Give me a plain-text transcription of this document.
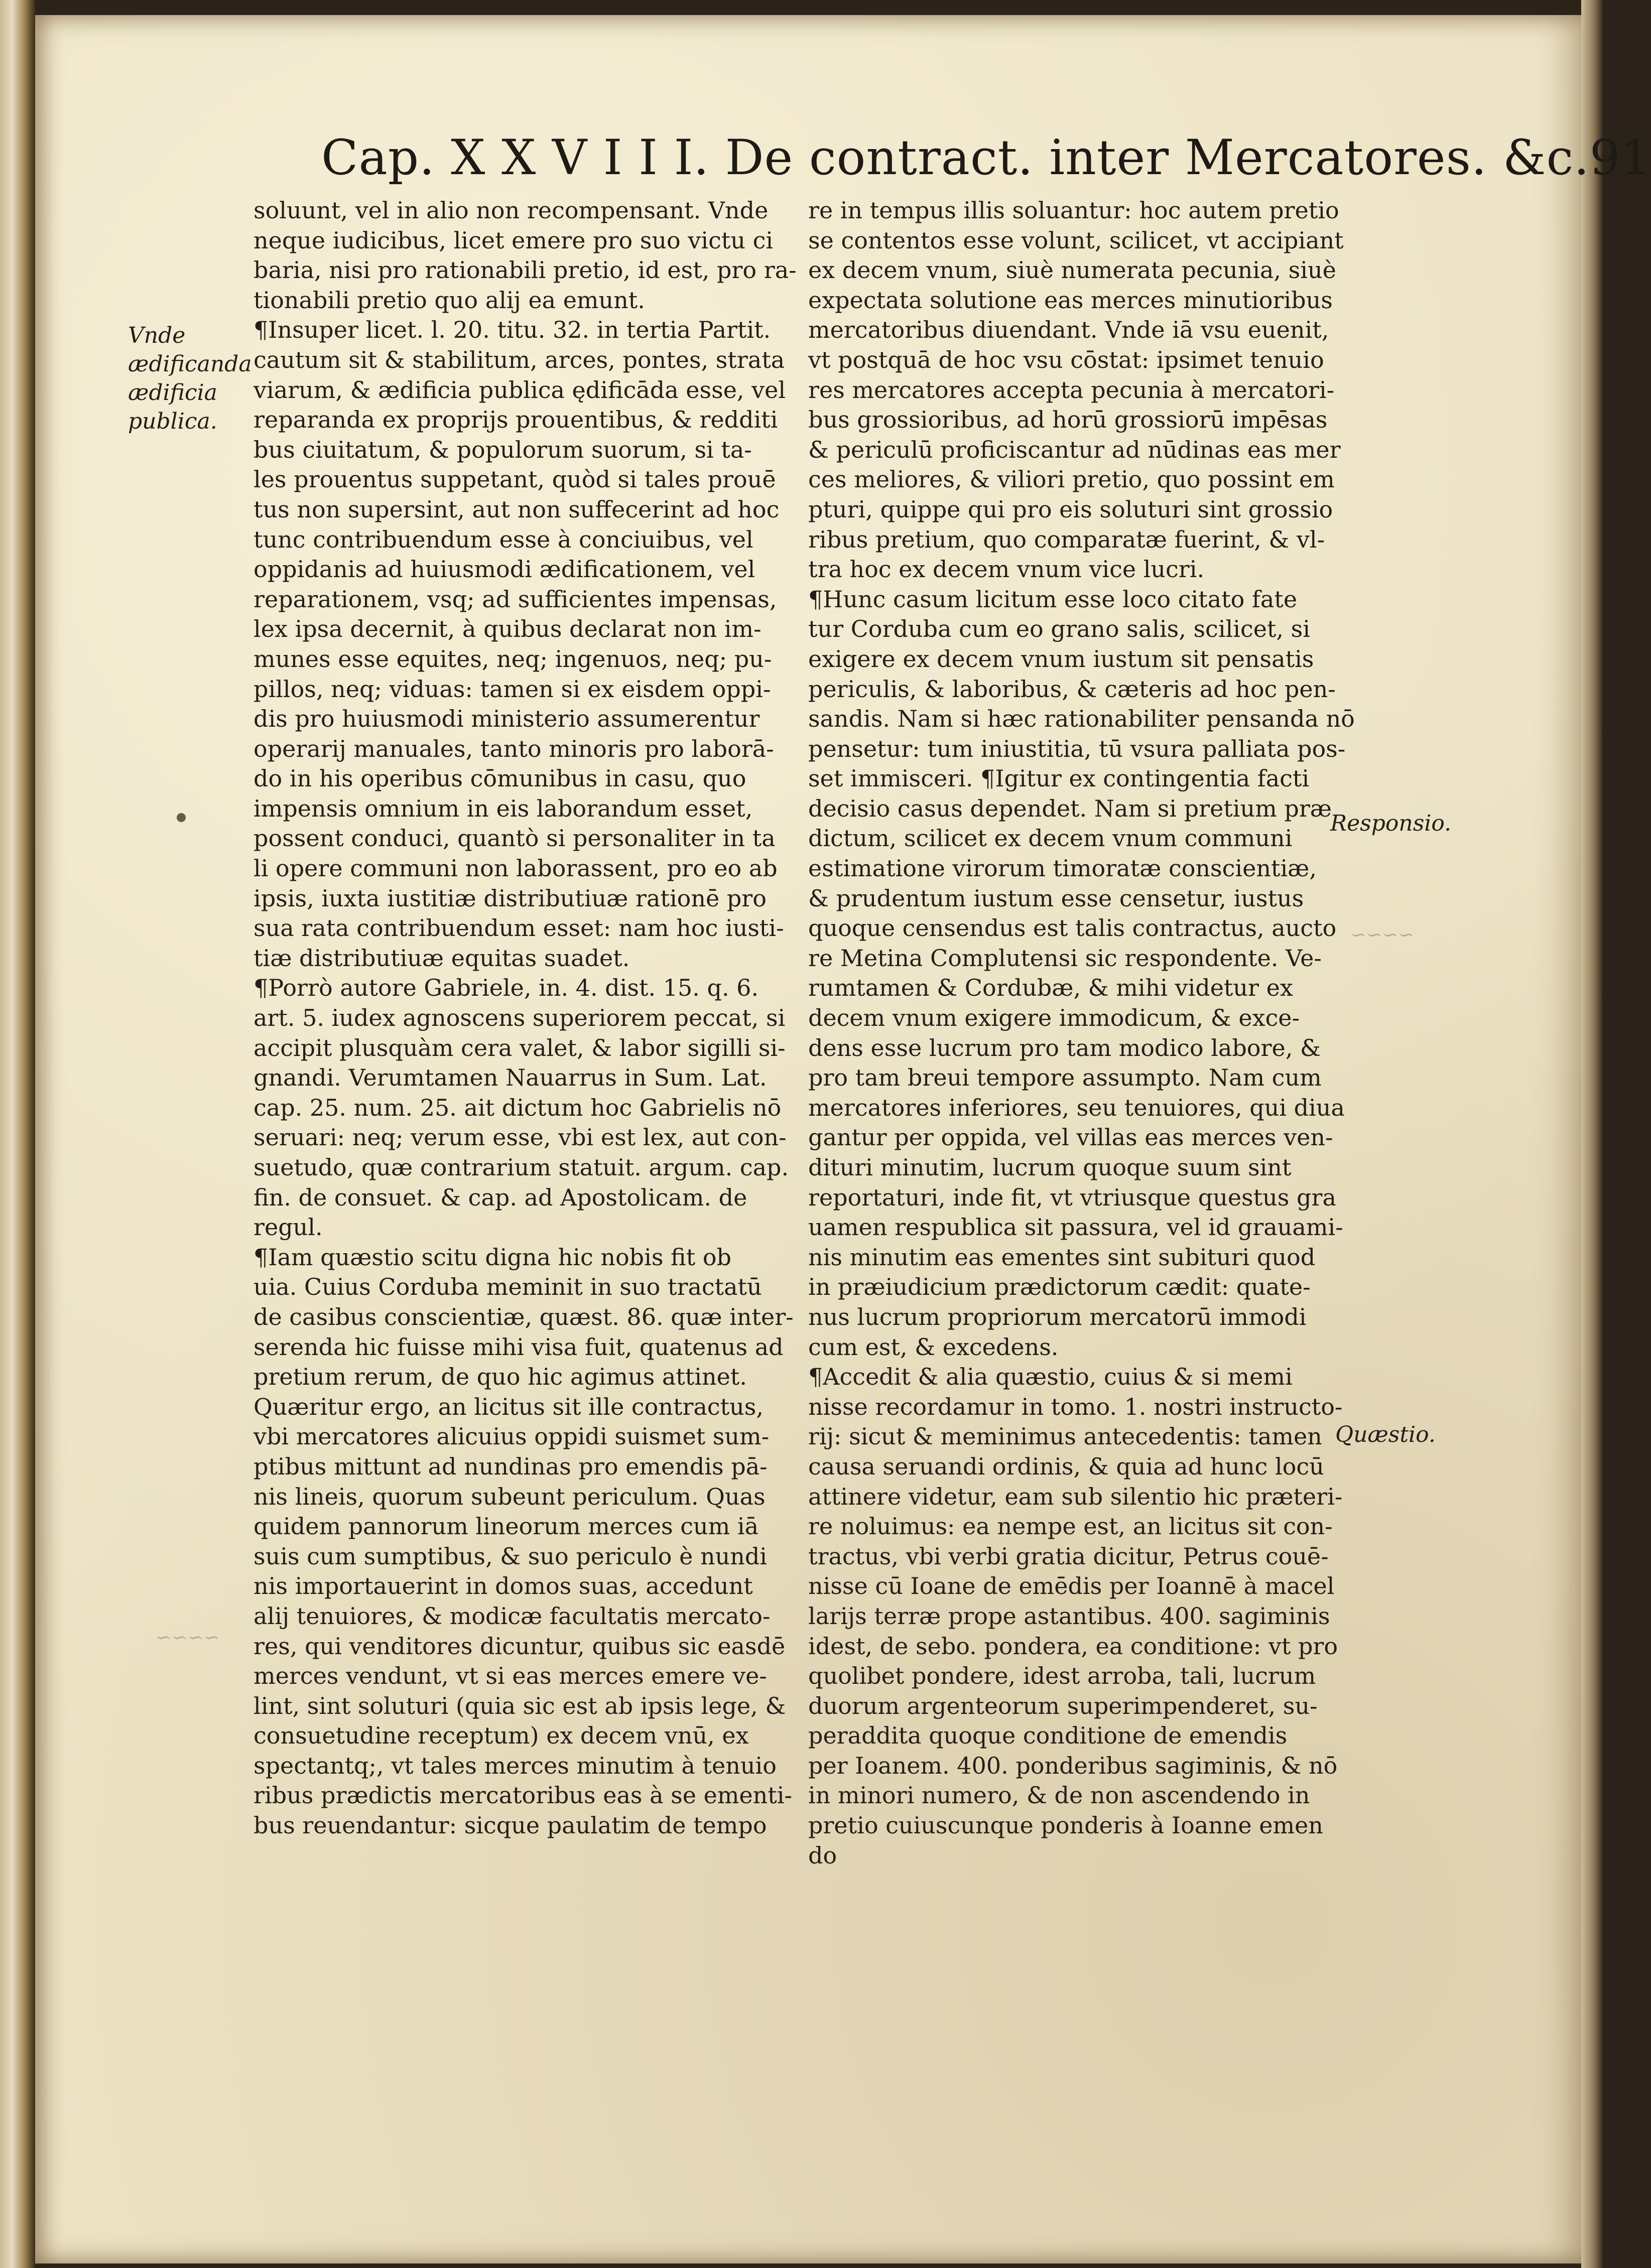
Cap. X X V I I I. De contract. inter Mercatores. &c. 91
Vnde ædificanda ædificia publica.
Responsio.
Quæstio.
~~~~
~~~~
soluunt, vel in alio non recompensant. Vnde
neque iudicibus, licet emere pro suo victu ci
baria, nisi pro rationabili pretio, id est, pro ra-
tionabili pretio quo alij ea emunt.
¶Insuper licet. l. 20. titu. 32. in tertia Partit.
cautum sit & stabilitum, arces, pontes, strata
viarum, & ædificia publica ędificāda esse, vel
reparanda ex proprijs prouentibus, & redditi
bus ciuitatum, & populorum suorum, si ta-
les prouentus suppetant, quòd si tales prouē
tus non supersint, aut non suffecerint ad hoc
tunc contribuendum esse à conciuibus, vel
oppidanis ad huiusmodi ædificationem, vel
reparationem, vsq; ad sufficientes impensas,
lex ipsa decernit, à quibus declarat non im-
munes esse equites, neq; ingenuos, neq; pu-
pillos, neq; viduas: tamen si ex eisdem oppi-
dis pro huiusmodi ministerio assumerentur
operarij manuales, tanto minoris pro laborā-
do in his operibus cōmunibus in casu, quo
impensis omnium in eis laborandum esset,
possent conduci, quantò si personaliter in ta
li opere communi non laborassent, pro eo ab
ipsis, iuxta iustitiæ distributiuæ rationē pro
sua rata contribuendum esset: nam hoc iusti-
tiæ distributiuæ equitas suadet.
¶Porrò autore Gabriele, in. 4. dist. 15. q. 6.
art. 5. iudex agnoscens superiorem peccat, si
accipit plusquàm cera valet, & labor sigilli si-
gnandi. Verumtamen Nauarrus in Sum. Lat.
cap. 25. num. 25. ait dictum hoc Gabrielis nō
seruari: neq; verum esse, vbi est lex, aut con-
suetudo, quæ contrarium statuit. argum. cap.
fin. de consuet. & cap. ad Apostolicam. de
regul.
¶Iam quæstio scitu digna hic nobis fit ob
uia. Cuius Corduba meminit in suo tractatū
de casibus conscientiæ, quæst. 86. quæ inter-
serenda hic fuisse mihi visa fuit, quatenus ad
pretium rerum, de quo hic agimus attinet.
Quæritur ergo, an licitus sit ille contractus,
vbi mercatores alicuius oppidi suismet sum-
ptibus mittunt ad nundinas pro emendis pā-
nis lineis, quorum subeunt periculum. Quas
quidem pannorum lineorum merces cum iā
suis cum sumptibus, & suo periculo è nundi
nis importauerint in domos suas, accedunt
alij tenuiores, & modicæ facultatis mercato-
res, qui venditores dicuntur, quibus sic easdē
merces vendunt, vt si eas merces emere ve-
lint, sint soluturi (quia sic est ab ipsis lege, &
consuetudine receptum) ex decem vnū, ex
spectantq;, vt tales merces minutim à tenuio
ribus prædictis mercatoribus eas à se ementi-
bus reuendantur: sicque paulatim de tempo
re in tempus illis soluantur: hoc autem pretio
se contentos esse volunt, scilicet, vt accipiant
ex decem vnum, siuè numerata pecunia, siuè
expectata solutione eas merces minutioribus
mercatoribus diuendant. Vnde iā vsu euenit,
vt postquā de hoc vsu cōstat: ipsimet tenuio
res mercatores accepta pecunia à mercatori-
bus grossioribus, ad horū grossiorū impēsas
& periculū proficiscantur ad nūdinas eas mer
ces meliores, & viliori pretio, quo possint em
pturi, quippe qui pro eis soluturi sint grossio
ribus pretium, quo comparatæ fuerint, & vl-
tra hoc ex decem vnum vice lucri.
¶Hunc casum licitum esse loco citato fate
tur Corduba cum eo grano salis, scilicet, si
exigere ex decem vnum iustum sit pensatis
periculis, & laboribus, & cæteris ad hoc pen-
sandis. Nam si hæc rationabiliter pensanda nō
pensetur: tum iniustitia, tū vsura palliata pos-
set immisceri. ¶Igitur ex contingentia facti
decisio casus dependet. Nam si pretium præ
dictum, scilicet ex decem vnum communi
estimatione virorum timoratæ conscientiæ,
& prudentum iustum esse censetur, iustus
quoque censendus est talis contractus, aucto
re Metina Complutensi sic respondente. Ve-
rumtamen & Cordubæ, & mihi videtur ex
decem vnum exigere immodicum, & exce-
dens esse lucrum pro tam modico labore, &
pro tam breui tempore assumpto. Nam cum
mercatores inferiores, seu tenuiores, qui diua
gantur per oppida, vel villas eas merces ven-
dituri minutim, lucrum quoque suum sint
reportaturi, inde fit, vt vtriusque questus gra
uamen respublica sit passura, vel id grauami-
nis minutim eas ementes sint subituri quod
in præiudicium prædictorum cædit: quate-
nus lucrum propriorum mercatorū immodi
cum est, & excedens.
¶Accedit & alia quæstio, cuius & si memi
nisse recordamur in tomo. 1. nostri instructo-
rij: sicut & meminimus antecedentis: tamen
causa seruandi ordinis, & quia ad hunc locū
attinere videtur, eam sub silentio hic præteri-
re noluimus: ea nempe est, an licitus sit con-
tractus, vbi verbi gratia dicitur, Petrus couē-
nisse cū Ioane de emēdis per Ioannē à macel
larijs terræ prope astantibus. 400. sagiminis
idest, de sebo. pondera, ea conditione: vt pro
quolibet pondere, idest arroba, tali, lucrum
duorum argenteorum superimpenderet, su-
peraddita quoque conditione de emendis
per Ioanem. 400. ponderibus sagiminis, & nō
in minori numero, & de non ascendendo in
pretio cuiuscunque ponderis à Ioanne emen
do
